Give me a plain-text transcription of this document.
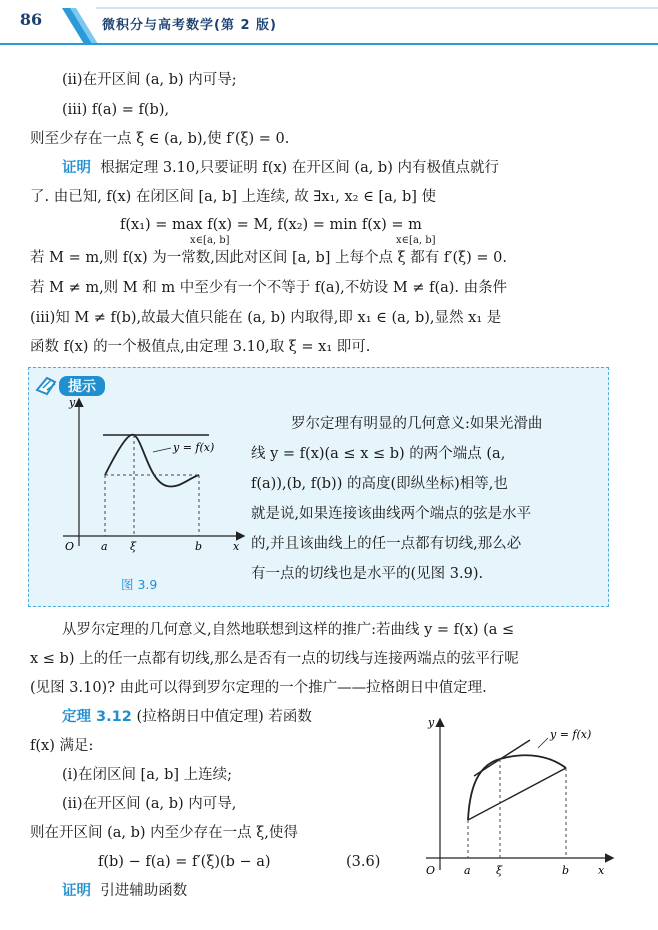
86	微积分与高考数学(第 2 版)
(ⅱ)在开区间 (a, b) 内可导;
(ⅲ) f(a) = f(b),
则至少存在一点 ξ ∈ (a, b),使 f′(ξ) = 0.
证明 根据定理 3.10,只要证明 f(x) 在开区间 (a, b) 内有极值点就行
了. 由已知, f(x) 在闭区间 [a, b] 上连续, 故 ∃x₁, x₂ ∈ [a, b] 使
f(x₁) = max f(x) = M, f(x₂) = min f(x) = m
x∈[a, b]	x∈[a, b]
若 M = m,则 f(x) 为一常数,因此对区间 [a, b] 上每个点 ξ 都有 f′(ξ) = 0.
若 M ≠ m,则 M 和 m 中至少有一个不等于 f(a),不妨设 M ≠ f(a). 由条件
(ⅲ)知 M ≠ f(b),故最大值只能在 (a, b) 内取得,即 x₁ ∈ (a, b),显然 x₁ 是
函数 f(x) 的一个极值点,由定理 3.10,取 ξ = x₁ 即可.
提示
y = f(x)
y
x
O a ξ	b
图 3.9
罗尔定理有明显的几何意义:如果光滑曲
线 y = f(x)(a ≤ x ≤ b) 的两个端点 (a,
f(a)),(b, f(b)) 的高度(即纵坐标)相等,也
就是说,如果连接该曲线两个端点的弦是水平
的,并且该曲线上的任一点都有切线,那么必
有一点的切线也是水平的(见图 3.9).
从罗尔定理的几何意义,自然地联想到这样的推广:若曲线 y = f(x) (a ≤
x ≤ b) 上的任一点都有切线,那么是否有一点的切线与连接两端点的弦平行呢
(见图 3.10)? 由此可以得到罗尔定理的一个推广——拉格朗日中值定理.
定理 3.12 (拉格朗日中值定理) 若函数
f(x) 满足:
(ⅰ)在闭区间 [a, b] 上连续;
(ⅱ)在开区间 (a, b) 内可导,
则在开区间 (a, b) 内至少存在一点 ξ,使得
f(b) − f(a) = f′(ξ)(b − a)	(3.6)
证明 引进辅助函数
y = f(x)
y
x
O	a ξ	b
